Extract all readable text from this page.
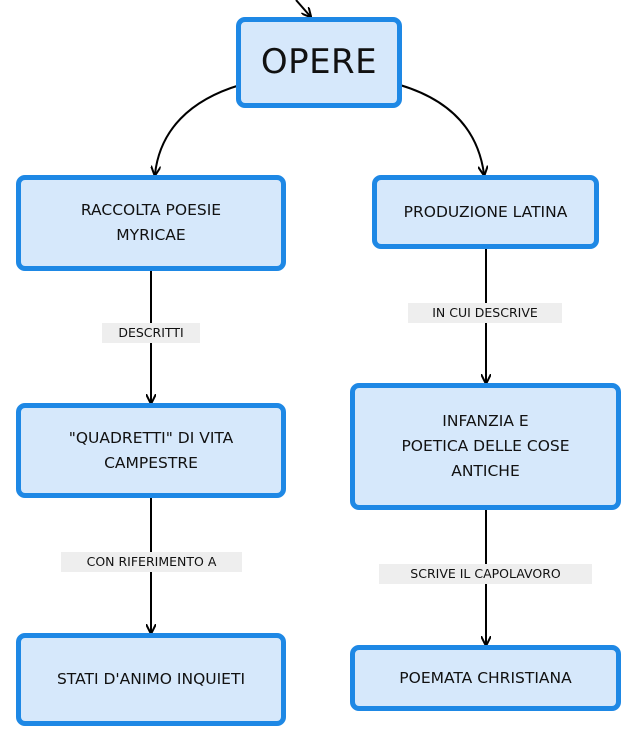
OPERE
RACCOLTA POESIE
MYRICAE
"QUADRETTI" DI VITA
CAMPESTRE
STATI D'ANIMO INQUIETI
PRODUZIONE LATINA
INFANZIA E
POETICA DELLE COSE
ANTICHE
POEMATA CHRISTIANA
DESCRITTI
CON RIFERIMENTO A
IN CUI DESCRIVE
SCRIVE IL CAPOLAVORO
